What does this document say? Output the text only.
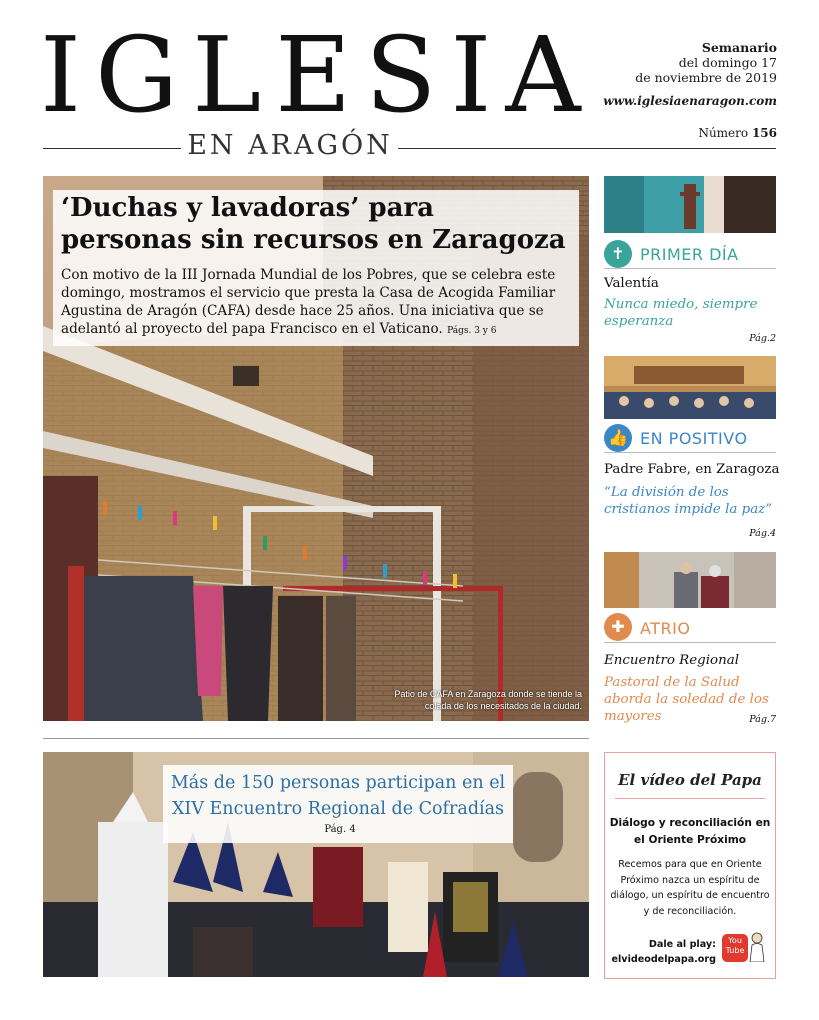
IGLESIA
EN ARAGÓN
Semanario
del domingo 17
de noviembre de 2019
www.iglesiaenaragon.com
Número 156
‘Duchas y lavadoras’ para personas sin recursos en Zaragoza
Con motivo de la III Jornada Mundial de los Pobres, que se celebra este domingo, mostramos el servicio que presta la Casa de Acogida Familiar Agustina de Aragón (CAFA) desde hace 25 años. Una iniciativa que se adelantó al proyecto del papa Francisco en el Vaticano. Págs. 3 y 6
Patio de CAFA en Zaragoza donde se tiende la colada de los necesitados de la ciudad.
Más de 150 personas participan en el XIV Encuentro Regional de Cofradías
Pág. 4
✝ PRIMER DÍA
Valentía
Nunca miedo, siempre esperanza
Pág.2
👍 EN POSITIVO
Padre Fabre, en Zaragoza
“La división de los cristianos impide la paz”
Pág.4
✚ ATRIO
Encuentro Regional
Pastoral de la Salud aborda la soledad de los mayores	Pág.7
El vídeo del Papa
Diálogo y reconciliación en el Oriente Próximo
Recemos para que en Oriente Próximo nazca un espíritu de diálogo, un espíritu de encuentro y de reconciliación.
Dale al play:
elvideodelpapa.org
You
Tube
